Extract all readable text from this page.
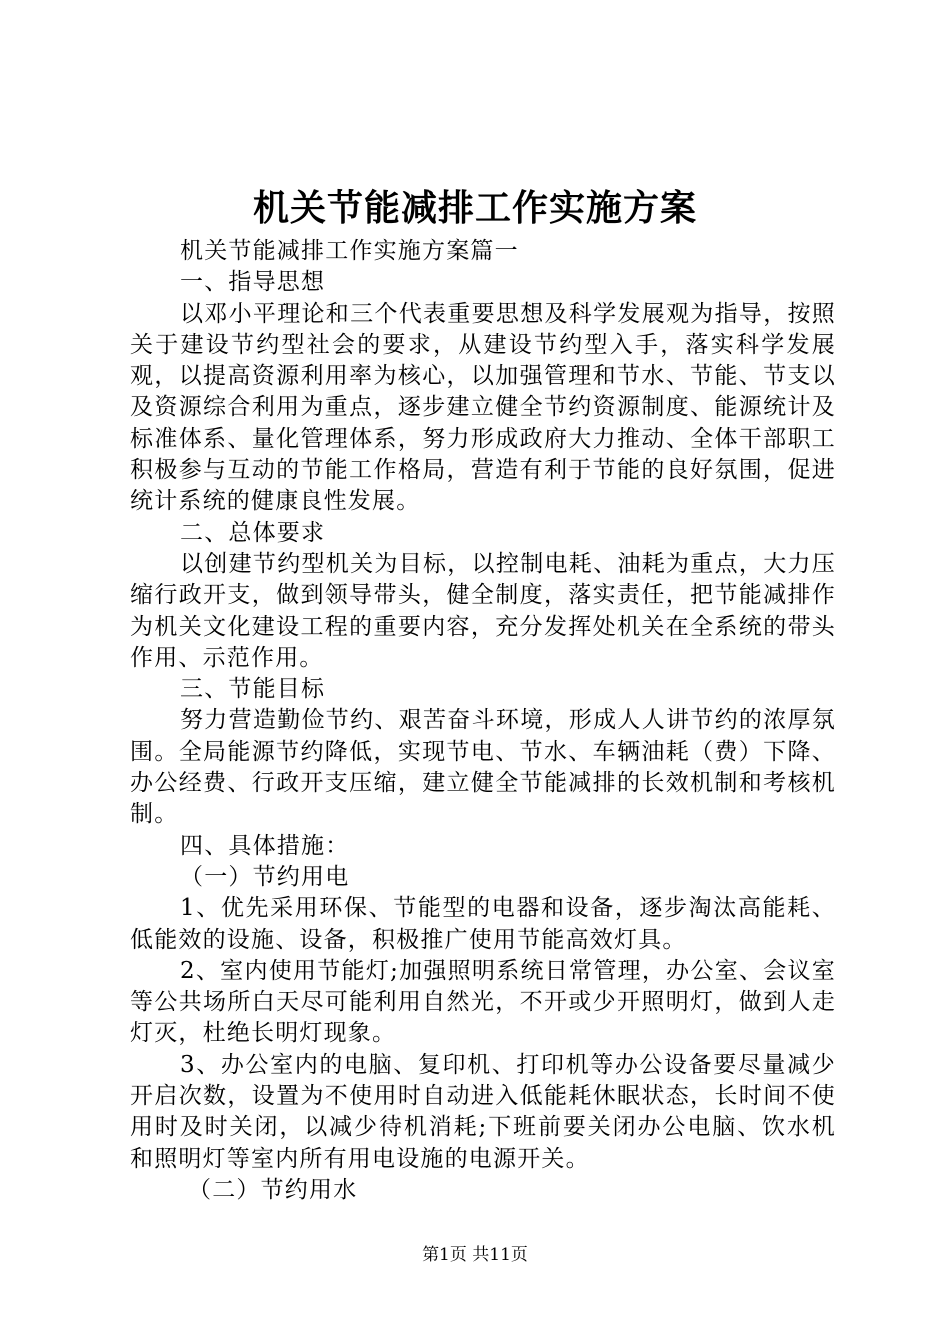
机关节能减排工作实施方案

机关节能减排工作实施方案篇一

一、指导思想

以邓小平理论和三个代表重要思想及科学发展观为指导，按照关于建设节约型社会的要求，从建设节约型入手，落实科学发展观，以提高资源利用率为核心，以加强管理和节水、节能、节支以及资源综合利用为重点，逐步建立健全节约资源制度、能源统计及标准体系、量化管理体系，努力形成政府大力推动、全体干部职工积极参与互动的节能工作格局，营造有利于节能的良好氛围，促进统计系统的健康良性发展。

二、总体要求

以创建节约型机关为目标，以控制电耗、油耗为重点，大力压缩行政开支，做到领导带头，健全制度，落实责任，把节能减排作为机关文化建设工程的重要内容，充分发挥处机关在全系统的带头作用、示范作用。

三、节能目标

努力营造勤俭节约、艰苦奋斗环境，形成人人讲节约的浓厚氛围。全局能源节约降低，实现节电、节水、车辆油耗（费）下降、办公经费、行政开支压缩，建立健全节能减排的长效机制和考核机制。

四、具体措施：

（一）节约用电

1、优先采用环保、节能型的电器和设备，逐步淘汰高能耗、低能效的设施、设备，积极推广使用节能高效灯具。

2、室内使用节能灯;加强照明系统日常管理，办公室、会议室等公共场所白天尽可能利用自然光，不开或少开照明灯，做到人走灯灭，杜绝长明灯现象。

3、办公室内的电脑、复印机、打印机等办公设备要尽量减少开启次数，设置为不使用时自动进入低能耗休眠状态，长时间不使用时及时关闭，以减少待机消耗;下班前要关闭办公电脑、饮水机和照明灯等室内所有用电设施的电源开关。

（二）节约用水

第1页 共11页
